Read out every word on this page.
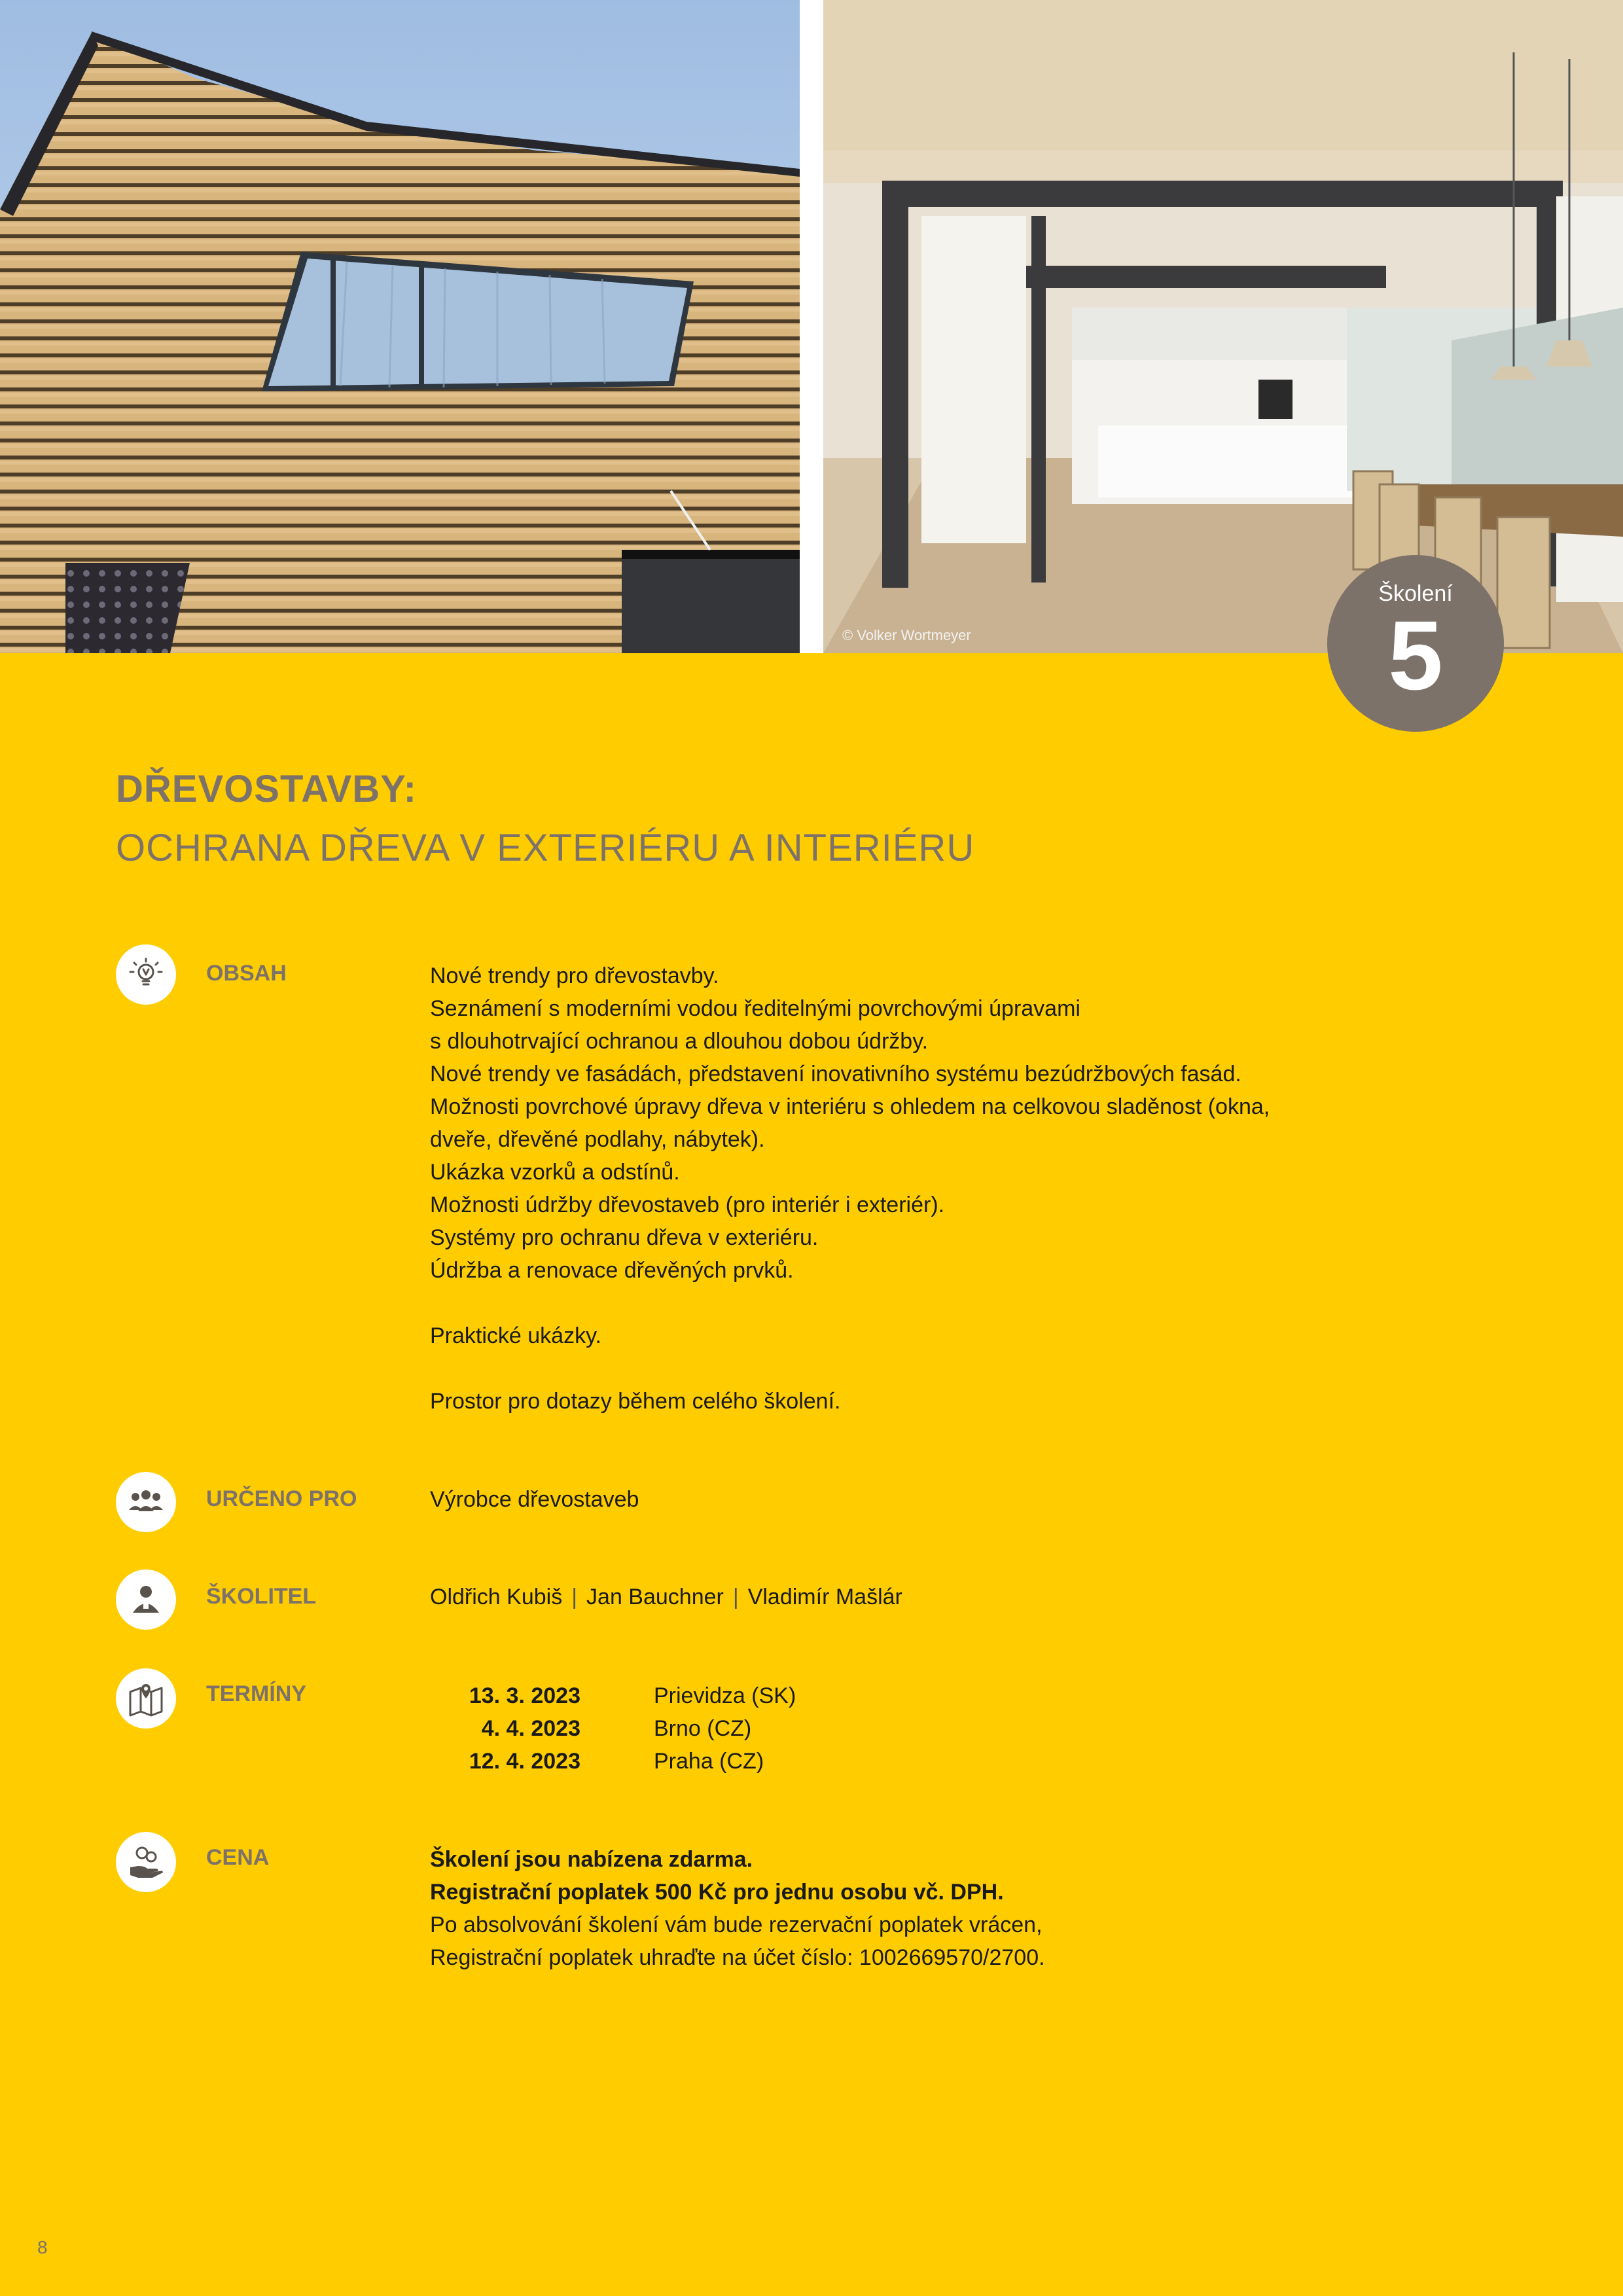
© Volker Wortmeyer
Školení
5
DŘEVOSTAVBY:
OCHRANA DŘEVA V EXTERIÉRU A INTERIÉRU
OBSAH	Nové trendy pro dřevostavby.
Seznámení s moderními vodou ředitelnými povrchovými úpravami
s dlouhotrvající ochranou a dlouhou dobou údržby.
Nové trendy ve fasádách, představení inovativního systému bezúdržbových fasád.
Možnosti povrchové úpravy dřeva v interiéru s ohledem na celkovou sladěnost (okna,
dveře, dřevěné podlahy, nábytek).
Ukázka vzorků a odstínů.
Možnosti údržby dřevostaveb (pro interiér i exteriér).
Systémy pro ochranu dřeva v exteriéru.
Údržba a renovace dřevěných prvků.
Praktické ukázky.
Prostor pro dotazy během celého školení.
URČENO PRO	Výrobce dřevostaveb
ŠKOLITEL	Oldřich Kubiš | Jan Bauchner | Vladimír Mašlár
TERMÍNY	13. 3. 2023	Prievidza (SK)
4. 4. 2023	Brno (CZ)
12. 4. 2023	Praha (CZ)
CENA	Školení jsou nabízena zdarma.
Registrační poplatek 500 Kč pro jednu osobu vč. DPH.
Po absolvování školení vám bude rezervační poplatek vrácen,
Registrační poplatek uhraďte na účet číslo: 1002669570/2700.
8
